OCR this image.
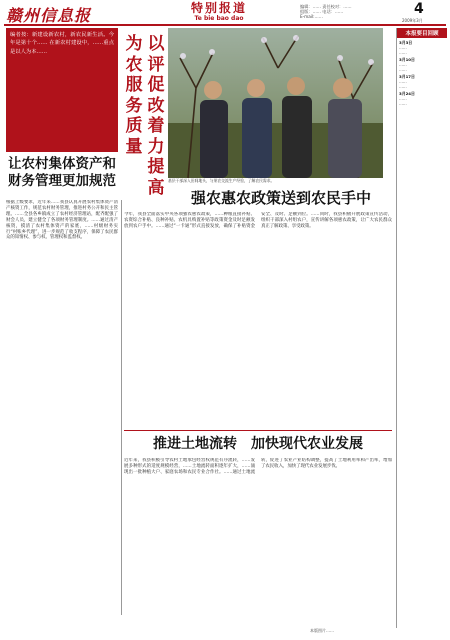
赣州信息报	特别报道
Te bie bao dao
编辑：…… 责任校对：……
组版：…… 电话：……
E-mail:……	4
2009年3月
编者按：新建设新农村，新农民新生活。今年是第十个…… 在新农村建设中，……重点是以人为本……	以评促改 着力提高
为农服务质量
基层干部深入田间地头，与果农交流生产经验，了解农民需求。
让农村集体资产和财务管理更加规范
根据上级要求，近年来……我县认真开展农村集体资产清产核资工作，规范农村财务管理，推进村务公开和民主管理。……全县各乡镇成立了农村经济管理站，配齐配强了财会人员，建立健全了各项财务管理制度。……通过清产核资，摸清了农村集体资产的家底，……村级财务实行“村账乡代理”，进一步规范了收支程序，保障了农民群众的知情权、参与权、管理权和监督权。
强农惠农政策送到农民手中
今年，我县全面落实中央各项强农惠农政策，……种粮直接补贴、农资综合补贴、良种补贴、农机具购置补贴等政策资金及时足额发放到农户手中。……通过“一卡通”形式直接发放，确保了补贴资金安全、及时、足额到位。……同时，我县积极开展政策宣传活动，组织干部深入村组农户，宣传讲解各项惠农政策，让广大农民群众真正了解政策、享受政策。
推进土地流转　加快现代农业发展
近年来，我县积极引导农村土地承包经营权规范有序流转，……发展多种形式的适度规模经营，……土地流转面积逐年扩大，……涌现出一批种植大户、家庭农场和农民专业合作社。……通过土地流转，促进了农业产业结构调整，提高了土地利用率和产出率，增加了农民收入，加快了现代农业发展步伐。
本报要目回顾
3月3日
……
……
3月10日
……
……
3月17日
……
……
3月24日
……
……
本版图片……
